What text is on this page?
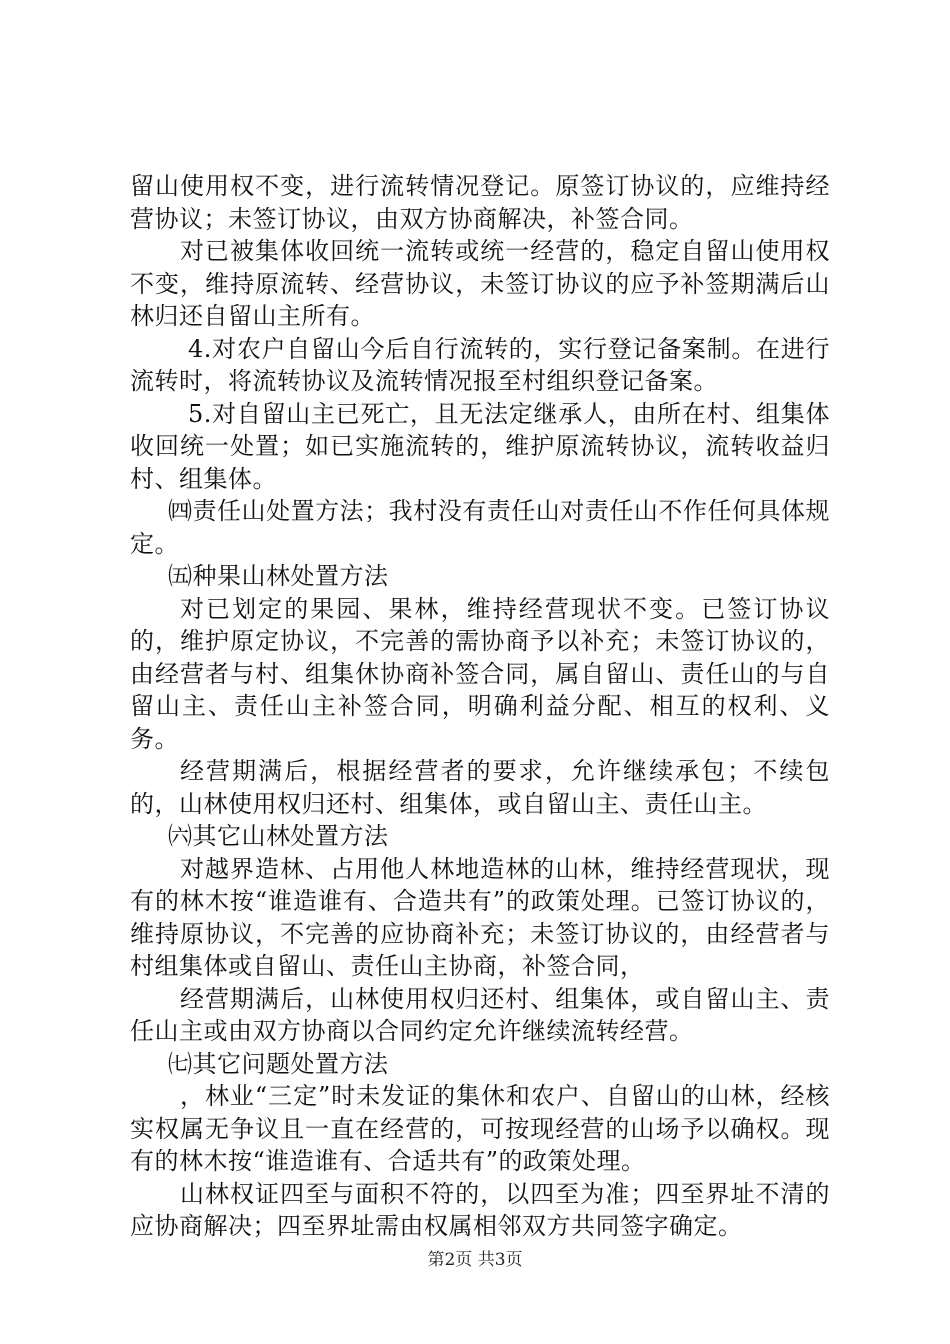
留山使用权不变，进行流转情况登记。原签订协议的，应维持经营协议；未签订协议，由双方协商解决，补签合同。

对已被集体收回统一流转或统一经营的，稳定自留山使用权不变，维持原流转、经营协议，未签订协议的应予补签期满后山林归还自留山主所有。

4.对农户自留山今后自行流转的，实行登记备案制。在进行流转时，将流转协议及流转情况报至村组织登记备案。

5.对自留山主已死亡，且无法定继承人，由所在村、组集体收回统一处置；如已实施流转的，维护原流转协议，流转收益归村、组集体。

㈣责任山处置方法；我村没有责任山对责任山不作任何具体规定。

㈤种果山林处置方法

对已划定的果园、果林，维持经营现状不变。已签订协议的，维护原定协议，不完善的需协商予以补充；未签订协议的，由经营者与村、组集休协商补签合同，属自留山、责任山的与自留山主、责任山主补签合同，明确利益分配、相互的权利、义务。

经营期满后，根据经营者的要求，允许继续承包；不续包的，山林使用权归还村、组集体，或自留山主、责任山主。

㈥其它山林处置方法

对越界造林、占用他人林地造林的山林，维持经营现状，现有的林木按“谁造谁有、合造共有”的政策处理。已签订协议的，维持原协议，不完善的应协商补充；未签订协议的，由经营者与村组集体或自留山、责任山主协商，补签合同，

经营期满后，山林使用权归还村、组集体，或自留山主、责任山主或由双方协商以合同约定允许继续流转经营。

㈦其它问题处置方法

，林业“三定”时未发证的集休和农户、自留山的山林，经核实权属无争议且一直在经营的，可按现经营的山场予以确权。现有的林木按“谁造谁有、合适共有”的政策处理。

山林权证四至与面积不符的，以四至为准；四至界址不清的应协商解决；四至界址需由权属相邻双方共同签字确定。

第2页 共3页
